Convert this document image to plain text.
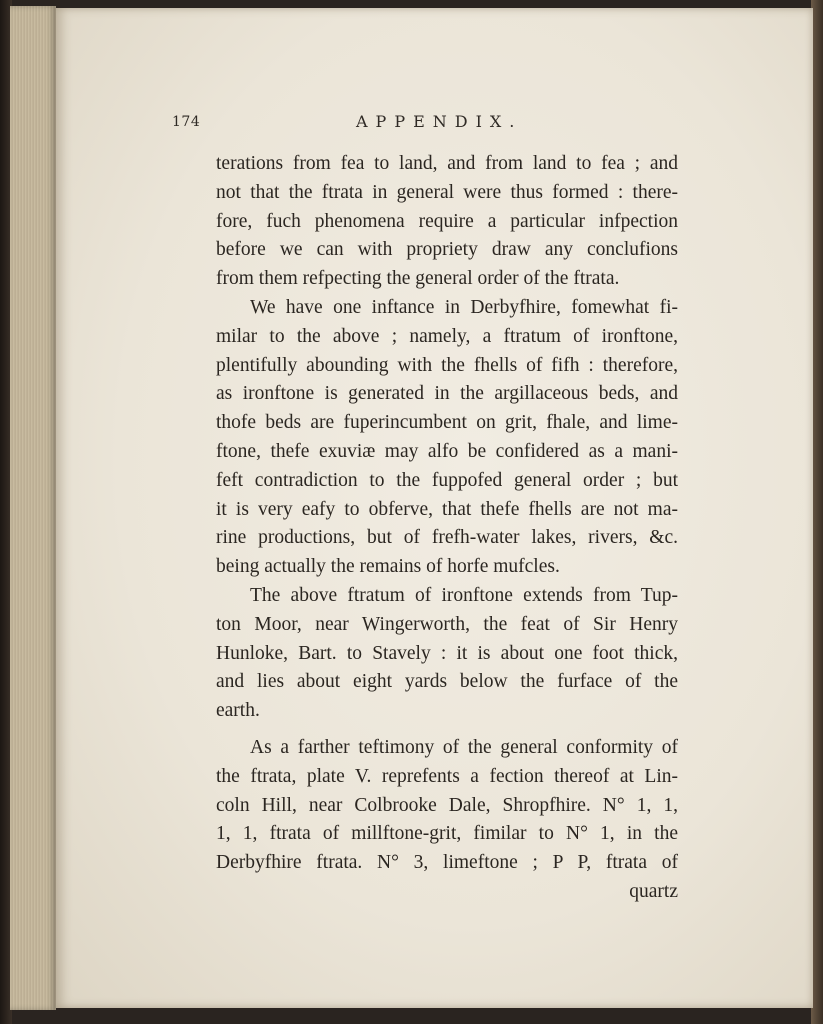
174	APPENDIX.
terations from fea to land, and from land to fea ; and
not that the ftrata in general were thus formed : there-
fore, fuch phenomena require a particular infpection
before we can with propriety draw any conclufions
from them refpecting the general order of the ftrata.
We have one inftance in Derbyfhire, fomewhat fi-
milar to the above ; namely, a ftratum of ironftone,
plentifully abounding with the fhells of fifh : therefore,
as ironftone is generated in the argillaceous beds, and
thofe beds are fuperincumbent on grit, fhale, and lime-
ftone, thefe exuviæ may alfo be confidered as a mani-
feft contradiction to the fuppofed general order ; but
it is very eafy to obferve, that thefe fhells are not ma-
rine productions, but of frefh-water lakes, rivers, &c.
being actually the remains of horfe mufcles.
The above ftratum of ironftone extends from Tup-
ton Moor, near Wingerworth, the feat of Sir Henry
Hunloke, Bart. to Stavely : it is about one foot thick,
and lies about eight yards below the furface of the
earth.
As a farther teftimony of the general conformity of
the ftrata, plate V. reprefents a fection thereof at Lin-
coln Hill, near Colbrooke Dale, Shropfhire. N° 1, 1,
1, 1, ftrata of millftone-grit, fimilar to N° 1, in the
Derbyfhire ftrata. N° 3, limeftone ; P P, ftrata of
quartz
